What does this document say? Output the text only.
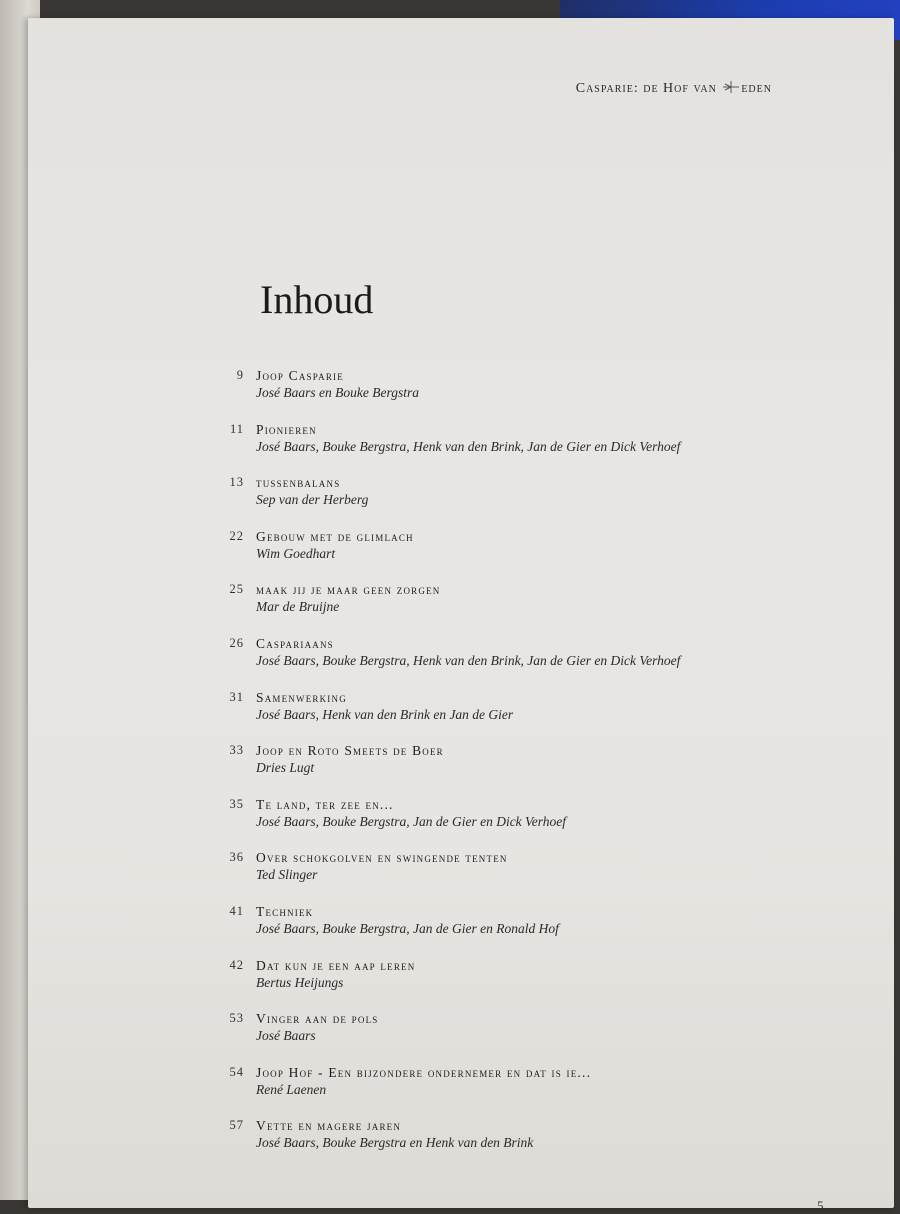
Casparie: de Hof van eden
Inhoud
9 Joop Casparie
José Baars en Bouke Bergstra
11 Pionieren
José Baars, Bouke Bergstra, Henk van den Brink, Jan de Gier en Dick Verhoef
13 tussenbalans
Sep van der Herberg
22 Gebouw met de glimlach
Wim Goedhart
25 maak jij je maar geen zorgen
Mar de Bruijne
26 Caspariaans
José Baars, Bouke Bergstra, Henk van den Brink, Jan de Gier en Dick Verhoef
31 Samenwerking
José Baars, Henk van den Brink en Jan de Gier
33 Joop en Roto Smeets de Boer
Dries Lugt
35 Te land, ter zee en...
José Baars, Bouke Bergstra, Jan de Gier en Dick Verhoef
36 Over schokgolven en swingende tenten
Ted Slinger
41 Techniek
José Baars, Bouke Bergstra, Jan de Gier en Ronald Hof
42 Dat kun je een aap leren
Bertus Heijungs
53 Vinger aan de pols
José Baars
54 Joop Hof - Een bijzondere ondernemer en dat is ie...
René Laenen
57 Vette en magere jaren
José Baars, Bouke Bergstra en Henk van den Brink
5
